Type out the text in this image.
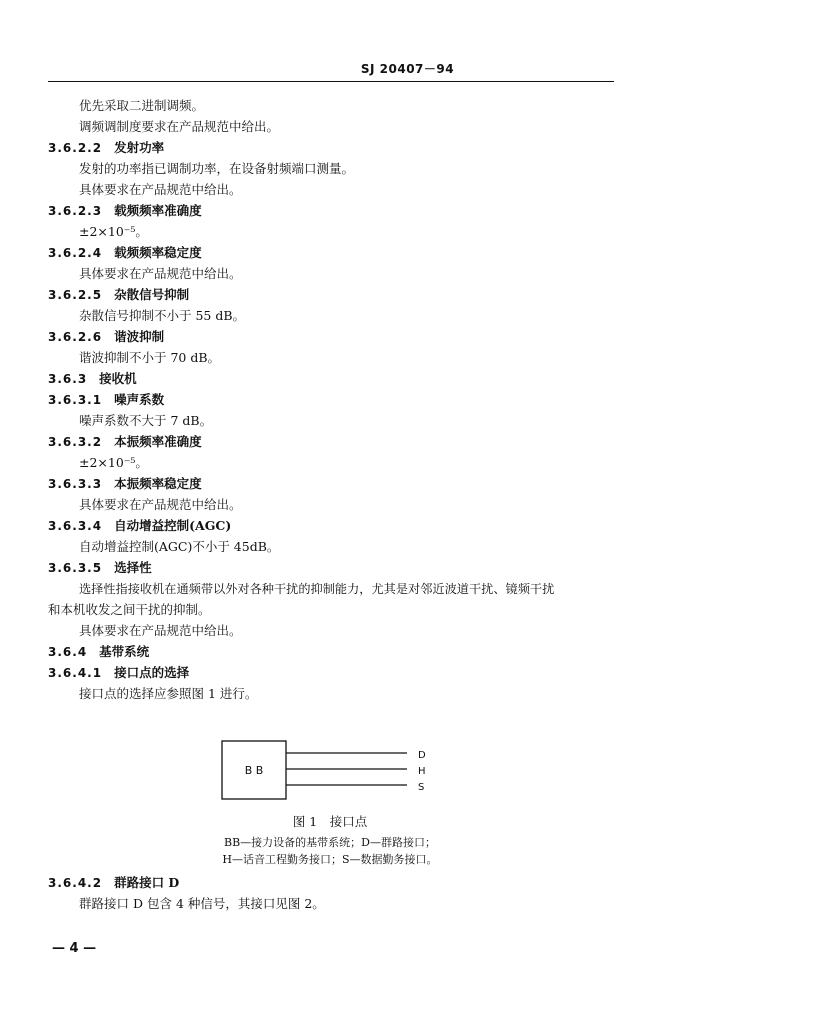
SJ 20407－94
优先采取二进制调频。
调频调制度要求在产品规范中给出。
3.6.2.2 发射功率
发射的功率指已调制功率，在设备射频端口测量。
具体要求在产品规范中给出。
3.6.2.3 载频频率准确度
±2×10⁻⁵。
3.6.2.4 载频频率稳定度
具体要求在产品规范中给出。
3.6.2.5 杂散信号抑制
杂散信号抑制不小于 55 dB。
3.6.2.6 谐波抑制
谐波抑制不小于 70 dB。
3.6.3 接收机
3.6.3.1 噪声系数
噪声系数不大于 7 dB。
3.6.3.2 本振频率准确度
±2×10⁻⁵。
3.6.3.3 本振频率稳定度
具体要求在产品规范中给出。
3.6.3.4 自动增益控制(AGC)
自动增益控制(AGC)不小于 45dB。
3.6.3.5 选择性
选择性指接收机在通频带以外对各种干扰的抑制能力，尤其是对邻近波道干扰、镜频干扰
和本机收发之间干扰的抑制。
具体要求在产品规范中给出。
3.6.4 基带系统
3.6.4.1 接口点的选择
接口点的选择应参照图 1 进行。
B B
D
H
S
图 1　接口点
BB—接力设备的基带系统；D—群路接口；
H—话音工程勤务接口；S—数据勤务接口。
3.6.4.2 群路接口 D
群路接口 D 包含 4 种信号，其接口见图 2。
— 4 —
